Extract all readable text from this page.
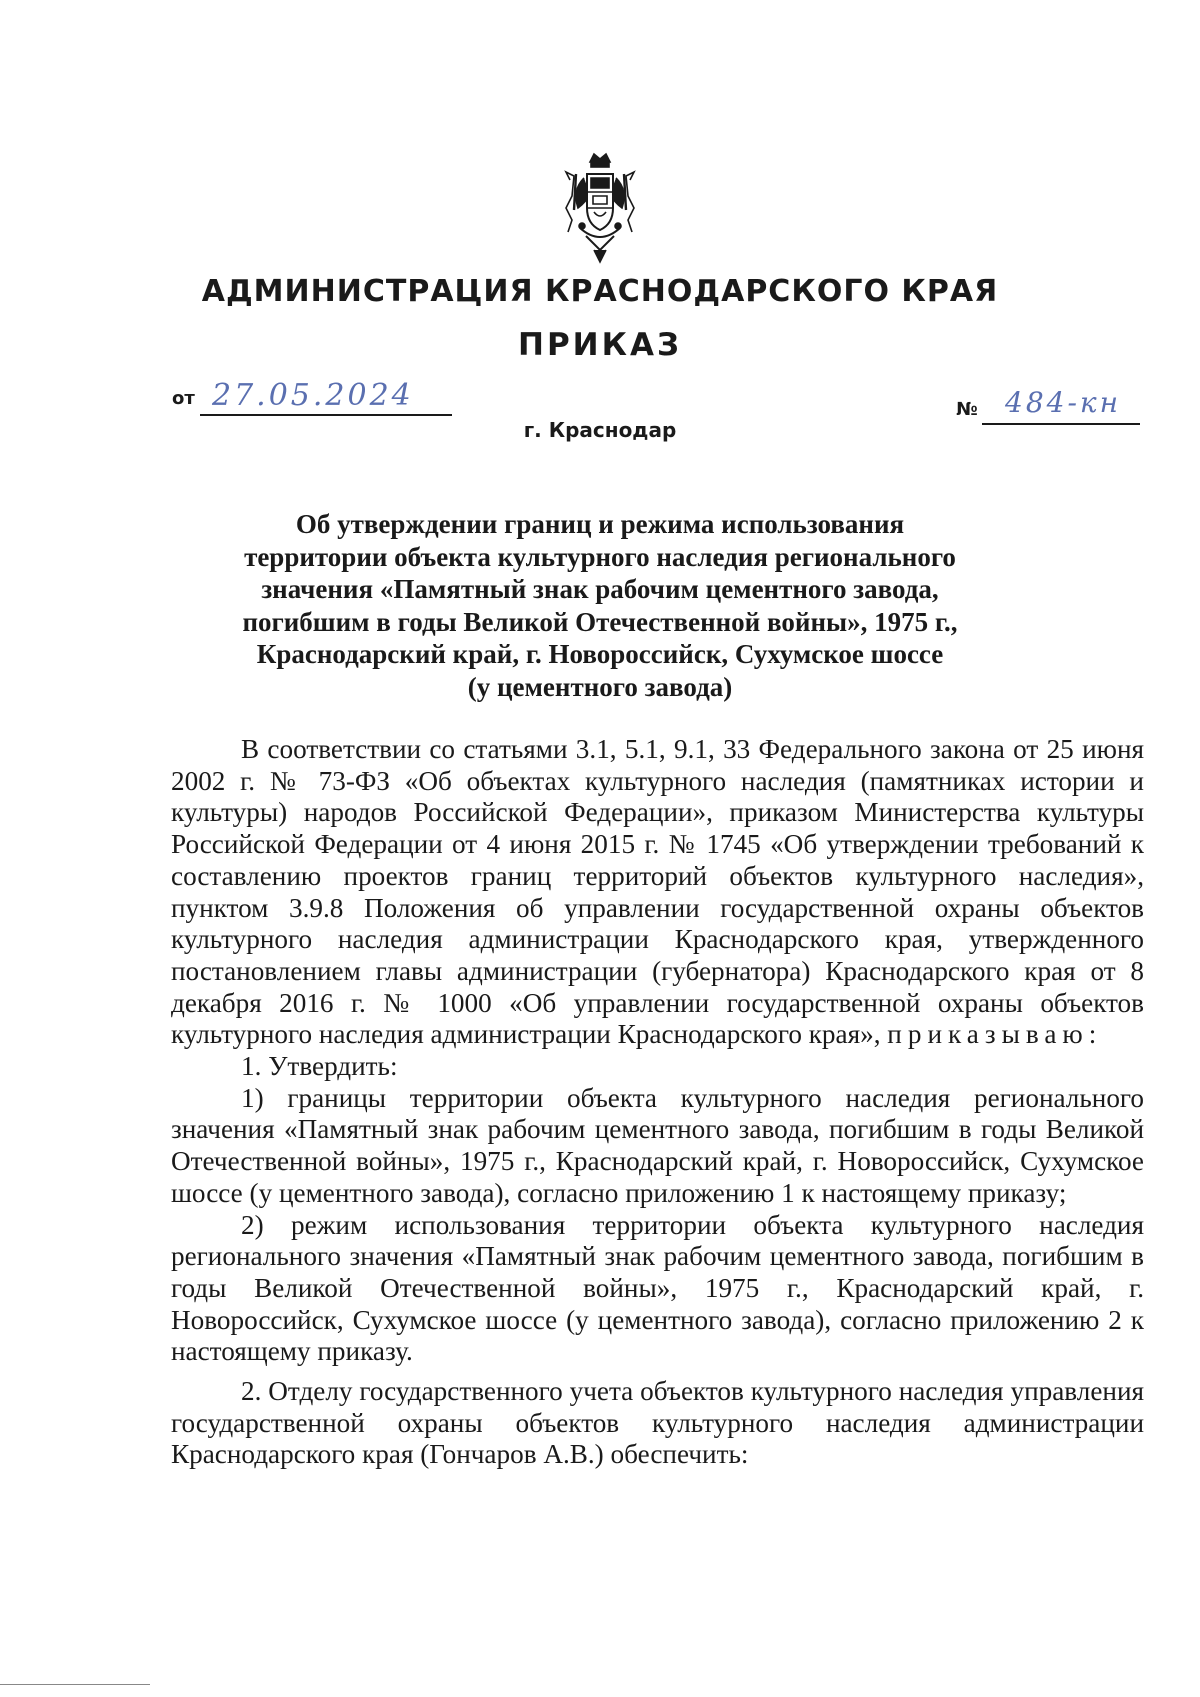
АДМИНИСТРАЦИЯ КРАСНОДАРСКОГО КРАЯ
ПРИКАЗ
от 27.05.2024	№ 484-кн
г. Краснодар
Об утверждении границ и режима использования
территории объекта культурного наследия регионального
значения «Памятный знак рабочим цементного завода,
погибшим в годы Великой Отечественной войны», 1975 г.,
Краснодарский край, г. Новороссийск, Сухумское шоссе
(у цементного завода)

В соответствии со статьями 3.1, 5.1, 9.1, 33 Федерального закона от 25 июня 2002 г. № 73-ФЗ «Об объектах культурного наследия (памятниках истории и культуры) народов Российской Федерации», приказом Министерства культуры Российской Федерации от 4 июня 2015 г. № 1745 «Об утверждении требований к составлению проектов границ территорий объектов культурного наследия», пунктом 3.9.8 Положения об управлении государственной охраны объектов культурного наследия администрации Краснодарского края, утвержденного постановлением главы администрации (губернатора) Краснодарского края от 8 декабря 2016 г. № 1000 «Об управлении государственной охраны объектов культурного наследия администрации Краснодарского края», приказываю:

1. Утвердить:

1) границы территории объекта культурного наследия регионального значения «Памятный знак рабочим цементного завода, погибшим в годы Великой Отечественной войны», 1975 г., Краснодарский край, г. Новороссийск, Сухумское шоссе (у цементного завода), согласно приложению 1 к настоящему приказу;

2) режим использования территории объекта культурного наследия регионального значения «Памятный знак рабочим цементного завода, погибшим в годы Великой Отечественной войны», 1975 г., Краснодарский край, г. Новороссийск, Сухумское шоссе (у цементного завода), согласно приложению 2 к настоящему приказу.

2. Отделу государственного учета объектов культурного наследия управления государственной охраны объектов культурного наследия администрации Краснодарского края (Гончаров А.В.) обеспечить:
